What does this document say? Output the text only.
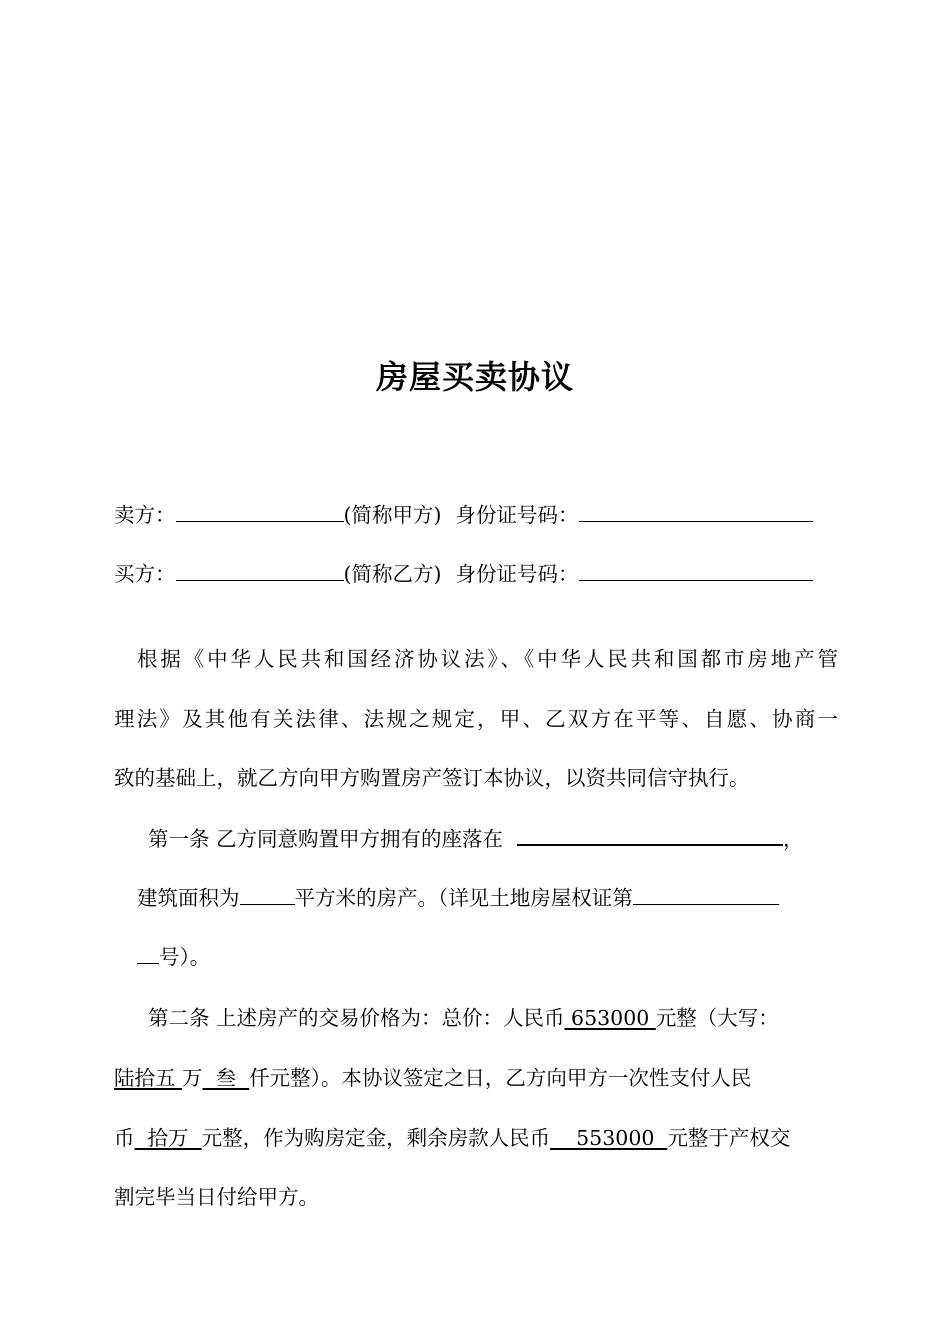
房屋买卖协议
卖方：	(简称甲方) 身份证号码：
买方：	(简称乙方) 身份证号码：
根据《中华人民共和国经济协议法》、《中华人民共和国都市房地产管
理法》及其他有关法律、法规之规定，甲、乙双方在平等、自愿、协商一
致的基础上，就乙方向甲方购置房产签订本协议，以资共同信守执行。
第一条 乙方同意购置甲方拥有的座落在	，
建筑面积为	平方米的房产。（详见土地房屋权证第
号）。
第二条 上述房产的交易价格为：总价：人民币 653000 元整（大写：
陆拾五 万  叁  仟元整）。本协议签定之日，乙方向甲方一次性支付人民
币  拾万  元整，作为购房定金，剩余房款人民币    553000  元整于产权交
割完毕当日付给甲方。
